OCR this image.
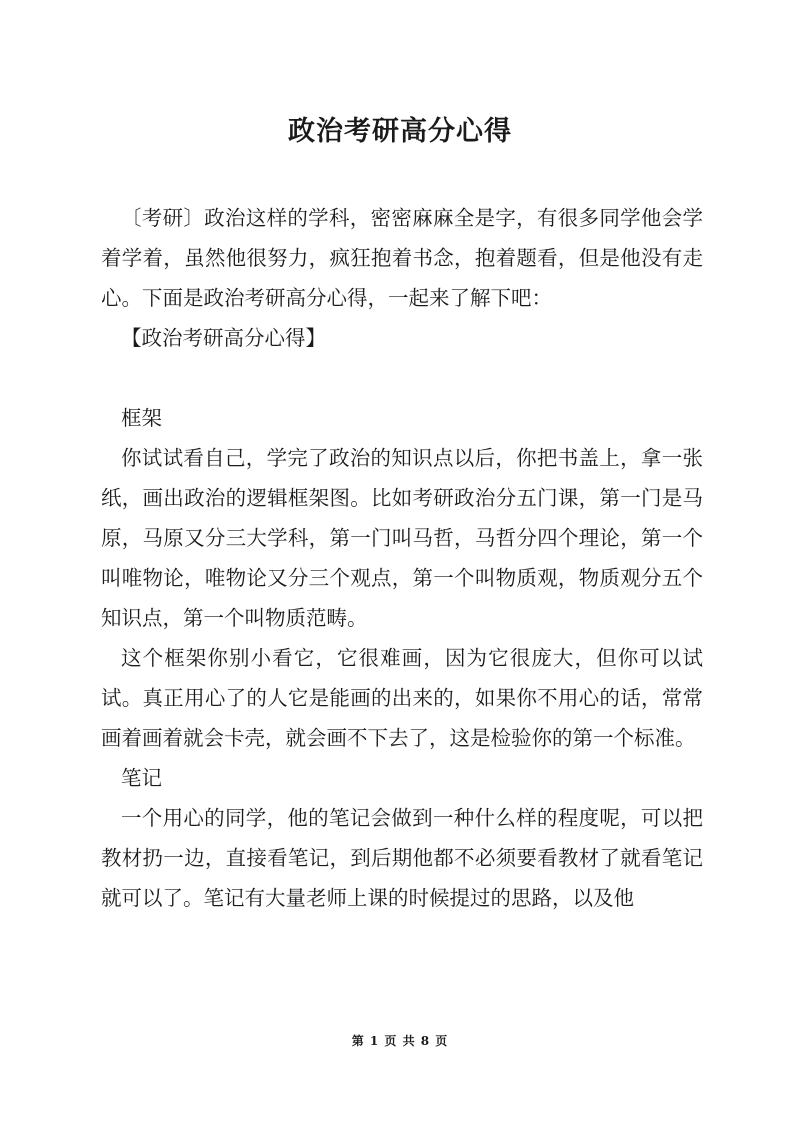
政治考研高分心得

〔考研〕政治这样的学科，密密麻麻全是字，有很多同学他会学着学着，虽然他很努力，疯狂抱着书念，抱着题看，但是他没有走心。下面是政治考研高分心得，一起来了解下吧：

【政治考研高分心得】

框架

你试试看自己，学完了政治的知识点以后，你把书盖上，拿一张纸，画出政治的逻辑框架图。比如考研政治分五门课，第一门是马原，马原又分三大学科，第一门叫马哲，马哲分四个理论，第一个叫唯物论，唯物论又分三个观点，第一个叫物质观，物质观分五个知识点，第一个叫物质范畴。

这个框架你别小看它，它很难画，因为它很庞大，但你可以试试。真正用心了的人它是能画的出来的，如果你不用心的话，常常画着画着就会卡壳，就会画不下去了，这是检验你的第一个标准。

笔记

一个用心的同学，他的笔记会做到一种什么样的程度呢，可以把教材扔一边，直接看笔记，到后期他都不必须要看教材了就看笔记就可以了。笔记有大量老师上课的时候提过的思路，以及他

第 1 页 共 8 页
